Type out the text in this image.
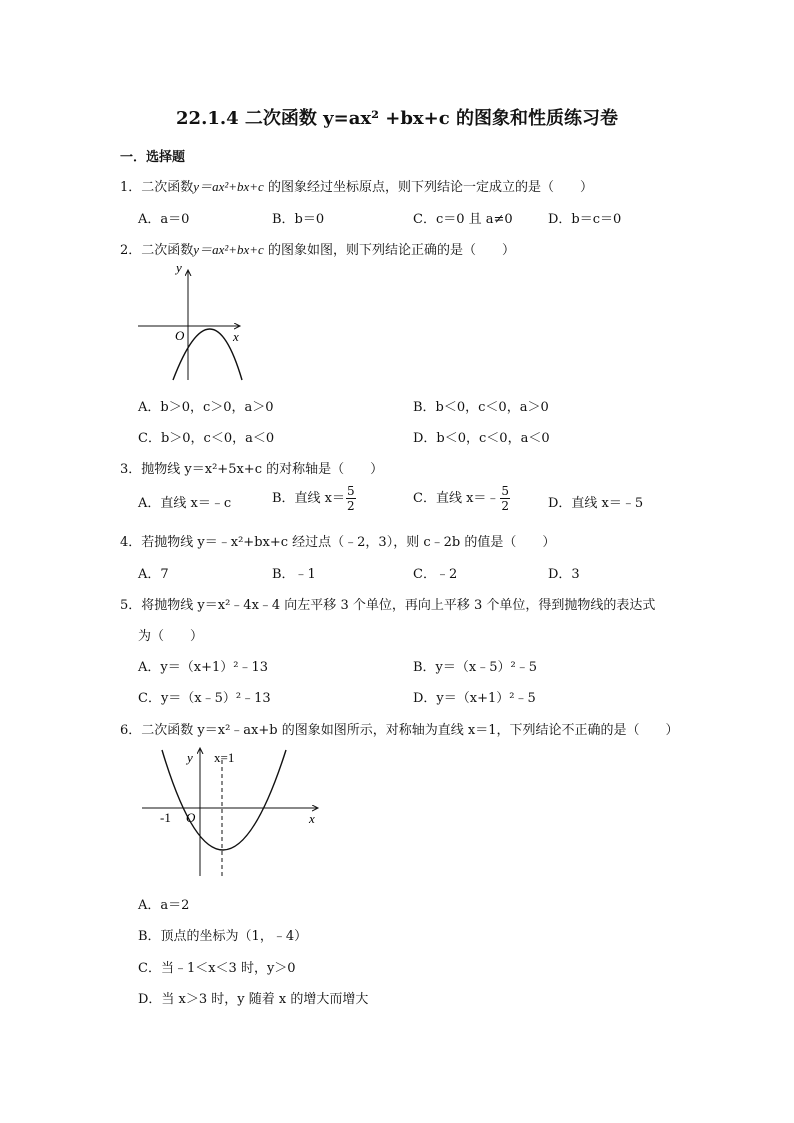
22.1.4 二次函数 y=ax² +bx+c 的图象和性质练习卷
一．选择题
1．二次函数y＝ax²+bx+c 的图象经过坐标原点，则下列结论一定成立的是（　　）
A．a＝0	B．b＝0	C．c＝0 且 a≠0	D．b＝c＝0
2．二次函数y＝ax²+bx+c 的图象如图，则下列结论正确的是（　　）
y
x
O
A．b＞0，c＞0，a＞0	B．b＜0，c＜0，a＞0
C．b＞0，c＜0，a＜0	D．b＜0，c＜0，a＜0
3．抛物线 y＝x²+5x+c 的对称轴是（　　）
A．直线 x＝﹣c	B．直线 $x= \frac{5}{2}$	C．直线 x＝﹣ $\frac{5}{2}$	D．直线 x＝﹣5
4．若抛物线 y＝﹣x²+bx+c 经过点（﹣2，3），则 c﹣2b 的值是（　　）
A．7	B．﹣1	C．﹣2	D．3
5．将抛物线 y＝x²﹣4x﹣4 向左平移 3 个单位，再向上平移 3 个单位，得到抛物线的表达式
为（　　）
A．y＝（x+1）²﹣13	B．y＝（x﹣5）²﹣5
C．y＝（x﹣5）²﹣13	D．y＝（x+1）²﹣5
6．二次函数 y＝x²﹣ax+b 的图象如图所示，对称轴为直线 x＝1，下列结论不正确的是（　　）
y x=1
x
O
-1
A．a＝2
B．顶点的坐标为（1，﹣4）
C．当﹣1＜x＜3 时，y＞0
D．当 x＞3 时，y 随着 x 的增大而增大
